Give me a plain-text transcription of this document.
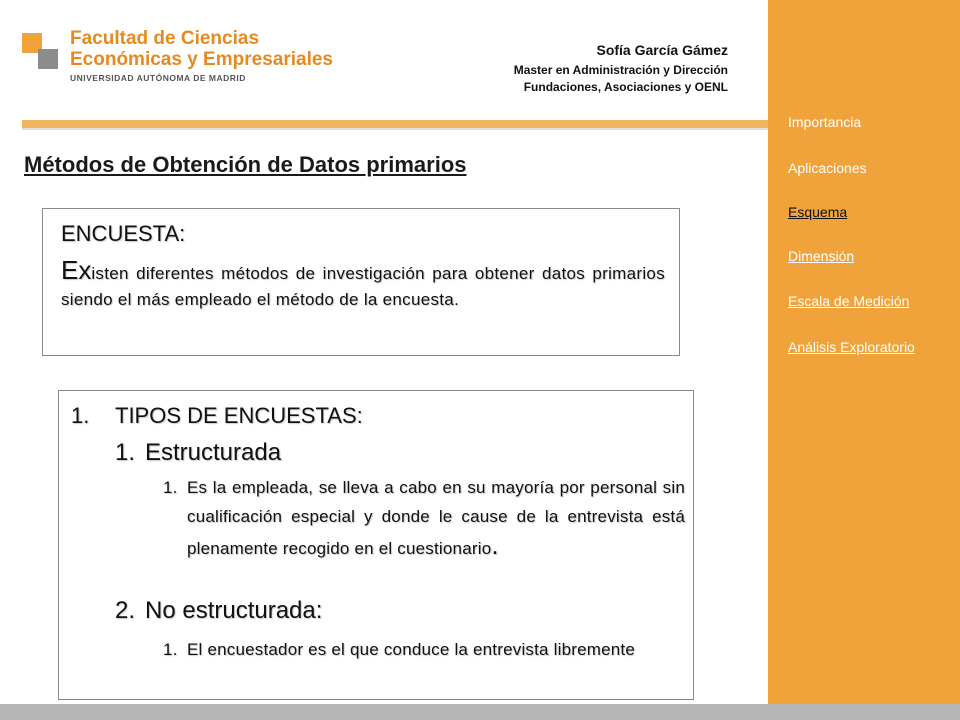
Facultad de Ciencias
Económicas y Empresariales
UNIVERSIDAD AUTÓNOMA DE MADRID
Sofía García Gámez
Master en Administración y Dirección
Fundaciones, Asociaciones y OENL
Métodos de Obtención de Datos primarios
ENCUESTA:
Existen diferentes métodos de investigación para obtener datos primarios siendo el más empleado el método de la encuesta.
1. TIPOS DE ENCUESTAS:
1. Estructurada
1. Es la empleada, se lleva a cabo en su mayoría por personal sin cualificación especial y donde le cause de la entrevista está plenamente recogido en el cuestionario.
2. No estructurada:
1. El encuestador es el que conduce la entrevista libremente
Importancia
Aplicaciones
Esquema
Dimensión
Escala de Medición
Análisis Exploratorio
